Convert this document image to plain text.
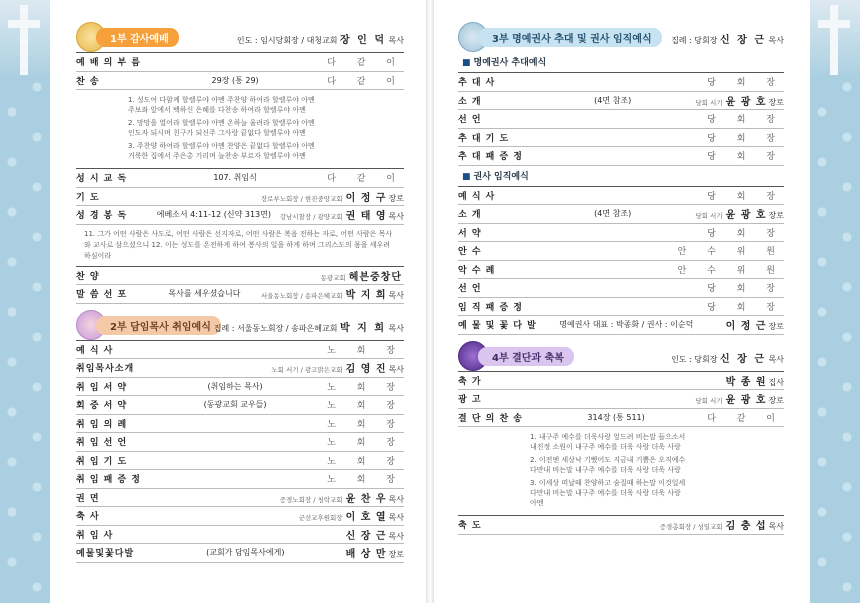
1부 감사예배	인도 : 임시당회장 / 대청교회 장 인 덕 목사
예 배 의 부 름	다 같 이
찬 송	29장 (통 29)	다 같 이
1. 성도여 다함께 할렐루야 아멘 주찬양 하여라 할렐루야 아멘
주보좌 앞에서 백하신 은혜를 다찬송 하여라 할렐루야 아멘
2. 망망을 열어라 할렐루야 아멘 온하늘 울려라 할렐루야 아멘
인도자 되시며 친구가 되신주 그사랑 끝없다 할렐루야 아멘
3. 주찬양 하여라 할렐루야 아멘 찬양은 끝없다 할렐루야 아멘
거룩한 집에서 주은총 기리며 늘찬송 부르자 할렐루야 아멘
성 시 교 독	107. 취임식	다 같 이
기 도	장로부노회장 / 현진중앙교회 이 정 구 장로
성 경 봉 독	에베소서 4:11-12 (신약 313면)	강남시찰장 / 광양교회 권 태 영 목사
11. 그가 어떤 사람은 사도로, 어떤 사람은 선지자로, 어떤 사람은 복음 전하는 자로, 어떤 사람은 목사와 교사로 삼으셨으니 12. 이는 성도를 온전하게 하여 봉사의 일을 하게 하며 그리스도의 몸을 세우려 하심이라
찬 양	동광교회 헤븐중창단
말 씀 선 포	목사를 세우셨습니다	서울동노회장 / 송파은혜교회 박 지 희 목사
2부 담임목사 취임예식 집례 : 서울동노회장 / 송파은혜교회 박 지 희 목사
예 식 사	노 회 장
취임목사소개	노회 서기 / 광고맑은교회 김 영 진 목사
취 임 서 약	(취임하는 목사)	노 회 장
회 중 서 약	(동광교회 교우들)	노 회 장
취 임 의 례	노 회 장
취 임 선 언	노 회 장
취 임 기 도	노 회 장
취 임 패 증 정	노 회 장
권 면	증경노회장 / 청락교회 윤 찬 우 목사
축 사	군선교후원회장 이 호 열 목사
취 임 사	신 장 근 목사
예물및꽃다발	(교회가 담임목사에게)	배 상 만 장로
3부 명예권사 추대 및 권사 임직예식	집례 : 당회장 신 장 근 목사
■ 명예권사 추대예식
추 대 사	당 회 장
소 개	(4면 참조)	당회 서기 윤 광 호 장로
선 언	당 회 장
추 대 기 도	당 회 장
추 대 패 증 정	당 회 장
■ 권사 임직예식
예 식 사	당 회 장
소 개	(4면 참조)	당회 서기 윤 광 호 장로
서 약	당 회 장
안 수	안 수 위 원
악 수 례	안 수 위 원
선 언	당 회 장
임 직 패 증 정	당 회 장
예 물 및 꽃 다 발	명예권사 대표 : 박종화 / 권사 : 이순덕	이 정 근 장로
4부 결단과 축복	인도 : 당회장 신 장 근 목사
축 가	박 종 원 집사
광 고	당회 서기 윤 광 호 장로
결 단 의 찬 송	314장 (통 511)	다 같 이
1. 내구주 예수를 더욱사랑 엎드려 비는말 들으소서
내진정 소원이 내구주 예수를 더욱 사랑 더욱 사랑
2. 이전엔 세상낙 기뻤어도 지금내 기쁨은 오직예수
다만내 비는말 내구주 예수를 더욱 사랑 더욱 사랑
3. 이세상 떠날때 찬양하고 숨질때 하는말 이것일세
다만내 비는말 내구주 예수를 더욱 사랑 더욱 사랑
아멘
축 도	증경총회장 / 성일교회 김 충 섭 목사
